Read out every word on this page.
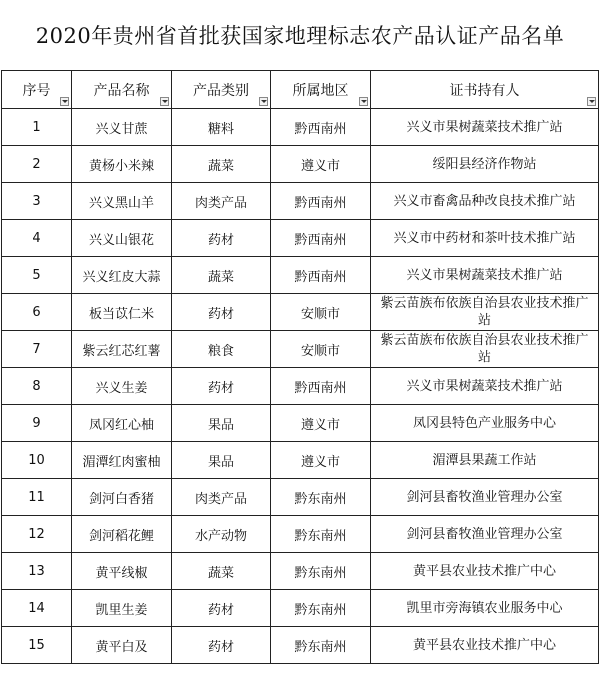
2020年贵州省首批获国家地理标志农产品认证产品名单
序号	产品名称	产品类别	所属地区	证书持有人

1	兴义甘蔗	糖料	黔西南州	兴义市果树蔬菜技术推广站
2	黄杨小米辣	蔬菜	遵义市	绥阳县经济作物站
3	兴义黑山羊	肉类产品	黔西南州	兴义市畜禽品种改良技术推广站
4	兴义山银花	药材	黔西南州	兴义市中药材和茶叶技术推广站
5	兴义红皮大蒜	蔬菜	黔西南州	兴义市果树蔬菜技术推广站
6	板当苡仁米	药材	安顺市	紫云苗族布依族自治县农业技术推广站
7	紫云红芯红薯	粮食	安顺市	紫云苗族布依族自治县农业技术推广站
8	兴义生姜	药材	黔西南州	兴义市果树蔬菜技术推广站
9	凤冈红心柚	果品	遵义市	凤冈县特色产业服务中心
10	湄潭红肉蜜柚	果品	遵义市	湄潭县果蔬工作站
11	剑河白香猪	肉类产品	黔东南州	剑河县畜牧渔业管理办公室
12	剑河稻花鲤	水产动物	黔东南州	剑河县畜牧渔业管理办公室
13	黄平线椒	蔬菜	黔东南州	黄平县农业技术推广中心
14	凯里生姜	药材	黔东南州	凯里市旁海镇农业服务中心
15	黄平白及	药材	黔东南州	黄平县农业技术推广中心
